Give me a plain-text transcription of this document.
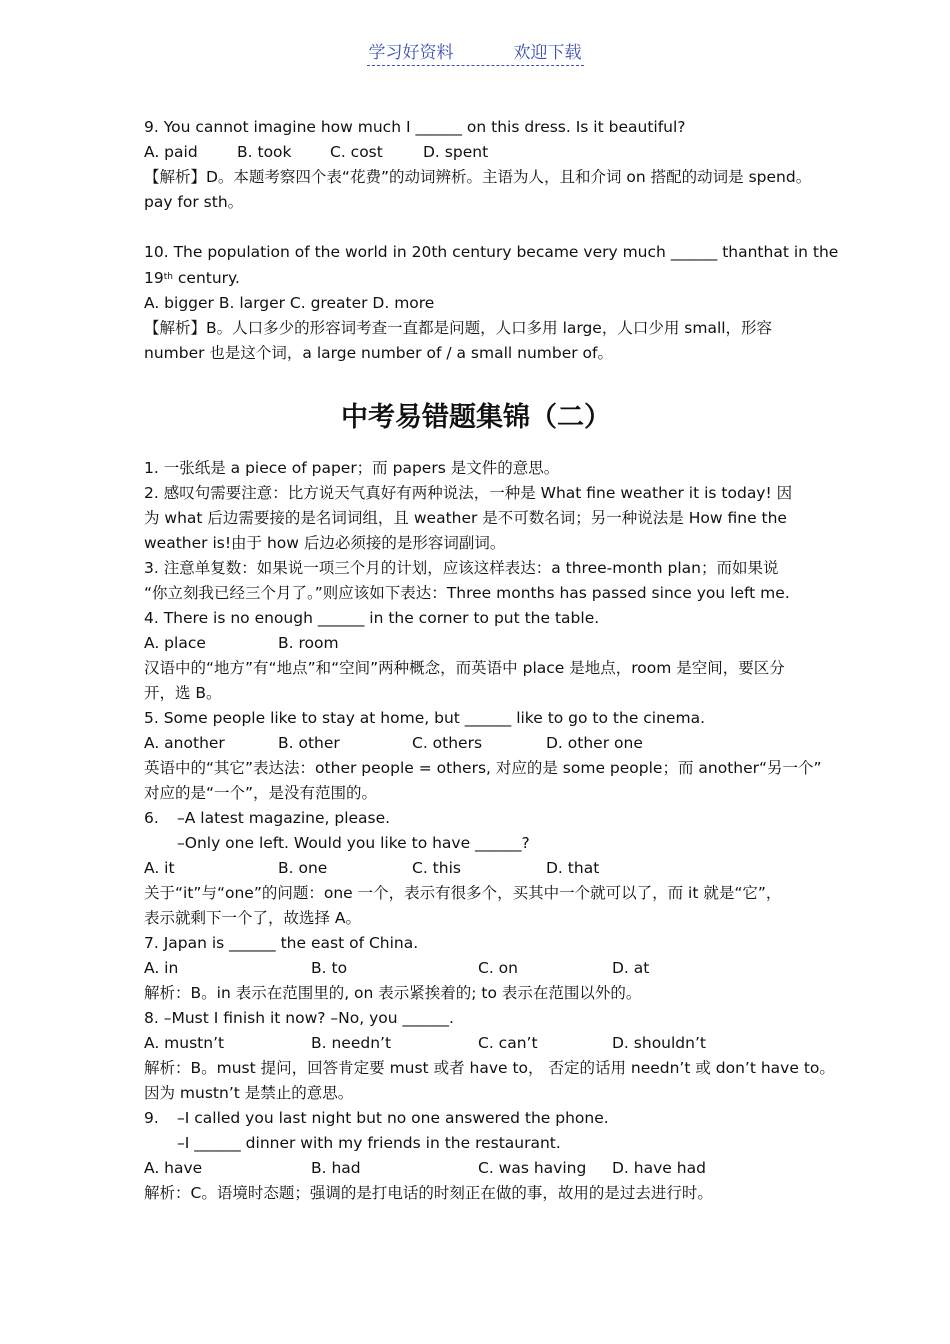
学习好资料	欢迎下载
9. You cannot imagine how much I ______ on this dress. Is it beautiful?
A. paid	B. took	C. cost	D. spent
【解析】D。本题考察四个表“花费”的动词辨析。主语为人，且和介词 on 搭配的动词是 spend。
pay for sth。
10. The population of the world in 20th century became very much ______ thanthat in the
19th century.
A. bigger B. larger C. greater D. more
【解析】B。人口多少的形容词考查一直都是问题，人口多用 large，人口少用 small，形容
number 也是这个词，a large number of / a small number of。
中考易错题集锦（二）
1. 一张纸是 a piece of paper；而 papers 是文件的意思。
2. 感叹句需要注意：比方说天气真好有两种说法，一种是 What fine weather it is today! 因
为 what 后边需要接的是名词词组，且 weather 是不可数名词；另一种说法是 How fine the
weather is!由于 how 后边必须接的是形容词副词。
3. 注意单复数：如果说一项三个月的计划，应该这样表达：a three-month plan；而如果说
“你立刻我已经三个月了。”则应该如下表达：Three months has passed since you left me.
4. There is no enough ______ in the corner to put the table.
A. place	B. room
汉语中的“地方”有“地点”和“空间”两种概念，而英语中 place 是地点，room 是空间，要区分
开，选 B。
5. Some people like to stay at home, but ______ like to go to the cinema.
A. another	B. other	C. others	D. other one
英语中的“其它”表达法：other people = others, 对应的是 some people；而 another“另一个”
对应的是“一个”，是没有范围的。
6. –A latest magazine, please.
–Only one left. Would you like to have ______?
A. it	B. one	C. this	D. that
关于“it”与“one”的问题：one 一个，表示有很多个，买其中一个就可以了，而 it 就是“它”，
表示就剩下一个了，故选择 A。
7. Japan is ______ the east of China.
A. in	B. to	C. on	D. at
解析：B。in 表示在范围里的, on 表示紧挨着的; to 表示在范围以外的。
8. –Must I finish it now? –No, you ______.
A. mustn’t	B. needn’t	C. can’t	D. shouldn’t
解析：B。must 提问，回答肯定要 must 或者 have to， 否定的话用 needn’t 或 don’t have to。
因为 mustn’t 是禁止的意思。
9. –I called you last night but no one answered the phone.
–I ______ dinner with my friends in the restaurant.
A. have	B. had	C. was having	D. have had
解析：C。语境时态题；强调的是打电话的时刻正在做的事，故用的是过去进行时。
